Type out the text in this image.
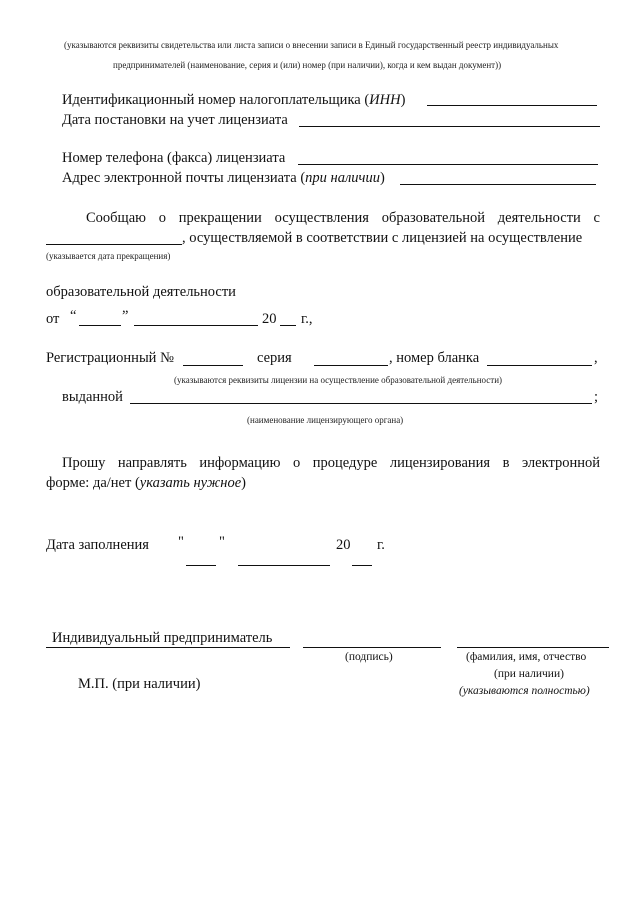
(указываются реквизиты свидетельства или листа записи о внесении записи в Единый государственный реестр индивидуальных
предпринимателей (наименование, серия и (или) номер (при наличии), когда и кем выдан документ))
Идентификационный номер налогоплательщика (ИНН)
Дата постановки на учет лицензиата
Номер телефона (факса) лицензиата
Адрес электронной почты лицензиата (при наличии)
Сообщаю о прекращении осуществления образовательной деятельности с
, осуществляемой в соответствии с лицензией на осуществление
(указывается дата прекращения)
образовательной деятельности
от “	”	20 г.,
Регистрационный №	серия	, номер бланка	,
(указываются реквизиты лицензии на осуществление образовательной деятельности)
выданной	;
(наименование лицензирующего органа)
Прошу направлять информацию о процедуре лицензирования в электронной
форме: да/нет (указать нужное)
Дата заполнения " "	20 г.
Индивидуальный предприниматель
(подпись)	(фамилия, имя, отчество
(при наличии)
(указываются полностью)
М.П. (при наличии)
